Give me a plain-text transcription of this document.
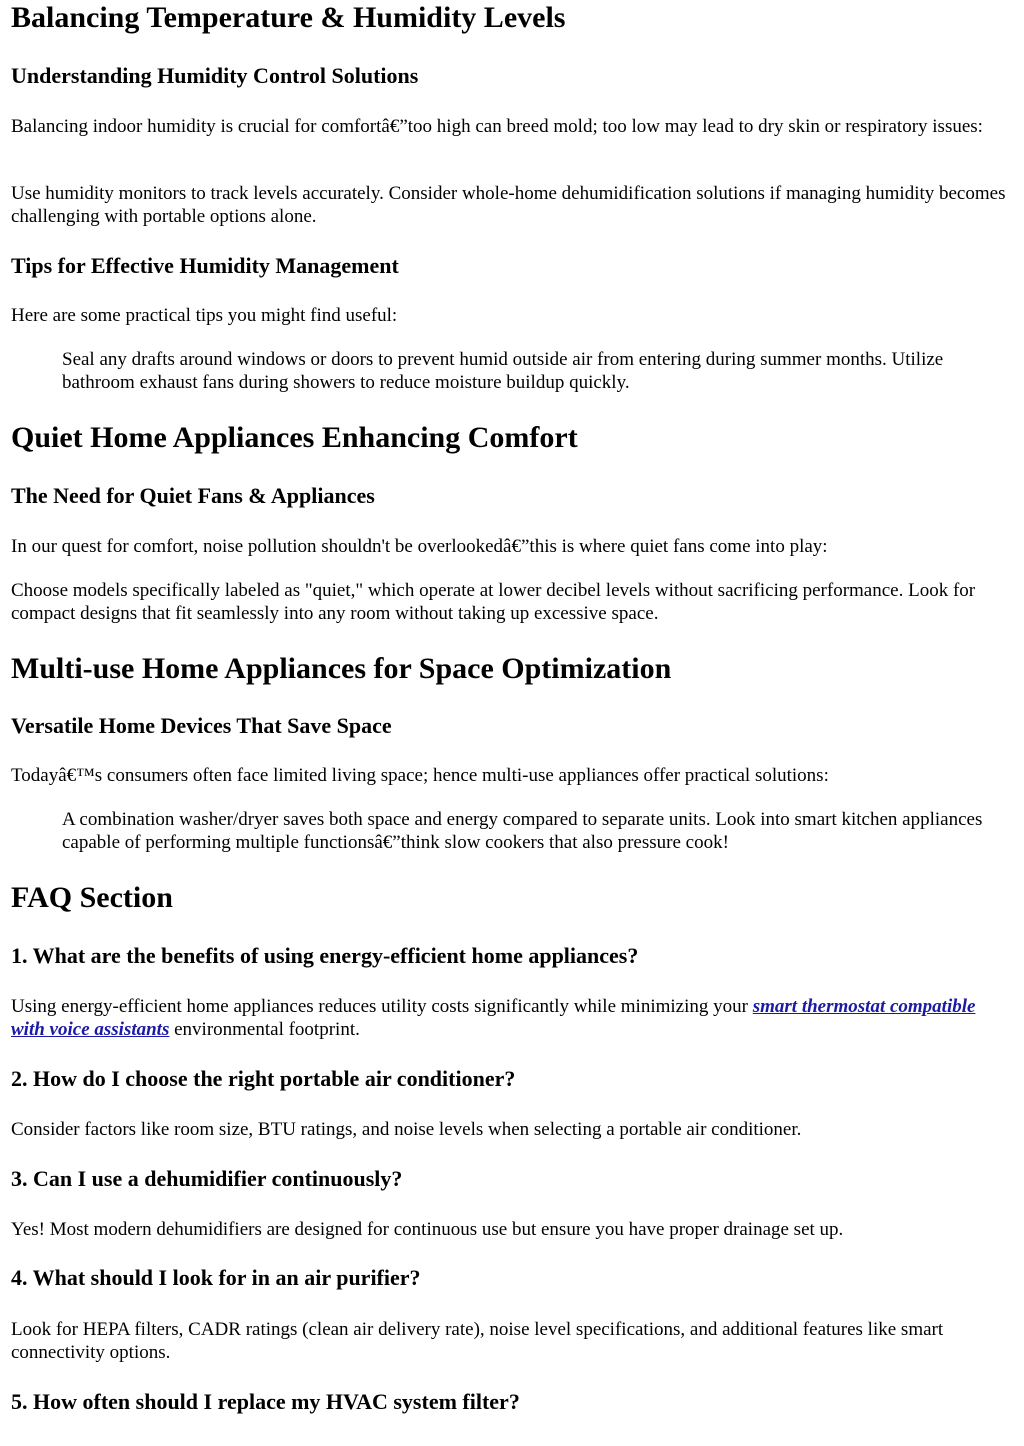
Balancing Temperature & Humidity Levels
Understanding Humidity Control Solutions

Balancing indoor humidity is crucial for comfortâ€”too high can breed mold; too low may lead to dry skin or respiratory issues:

Use humidity monitors to track levels accurately. Consider whole-home dehumidification solutions if managing humidity becomes challenging with portable options alone.

Tips for Effective Humidity Management

Here are some practical tips you might find useful:

Seal any drafts around windows or doors to prevent humid outside air from entering during summer months. Utilize bathroom exhaust fans during showers to reduce moisture buildup quickly.

Quiet Home Appliances Enhancing Comfort
The Need for Quiet Fans & Appliances

In our quest for comfort, noise pollution shouldn't be overlookedâ€”this is where quiet fans come into play:

Choose models specifically labeled as "quiet," which operate at lower decibel levels without sacrificing performance. Look for compact designs that fit seamlessly into any room without taking up excessive space.

Multi-use Home Appliances for Space Optimization
Versatile Home Devices That Save Space

Todayâ€™s consumers often face limited living space; hence multi-use appliances offer practical solutions:

A combination washer/dryer saves both space and energy compared to separate units. Look into smart kitchen appliances capable of performing multiple functionsâ€”think slow cookers that also pressure cook!

FAQ Section
1. What are the benefits of using energy-efficient home appliances?

Using energy-efficient home appliances reduces utility costs significantly while minimizing your smart thermostat compatible with voice assistants environmental footprint.

2. How do I choose the right portable air conditioner?

Consider factors like room size, BTU ratings, and noise levels when selecting a portable air conditioner.

3. Can I use a dehumidifier continuously?

Yes! Most modern dehumidifiers are designed for continuous use but ensure you have proper drainage set up.

4. What should I look for in an air purifier?

Look for HEPA filters, CADR ratings (clean air delivery rate), noise level specifications, and additional features like smart connectivity options.

5. How often should I replace my HVAC system filter?
